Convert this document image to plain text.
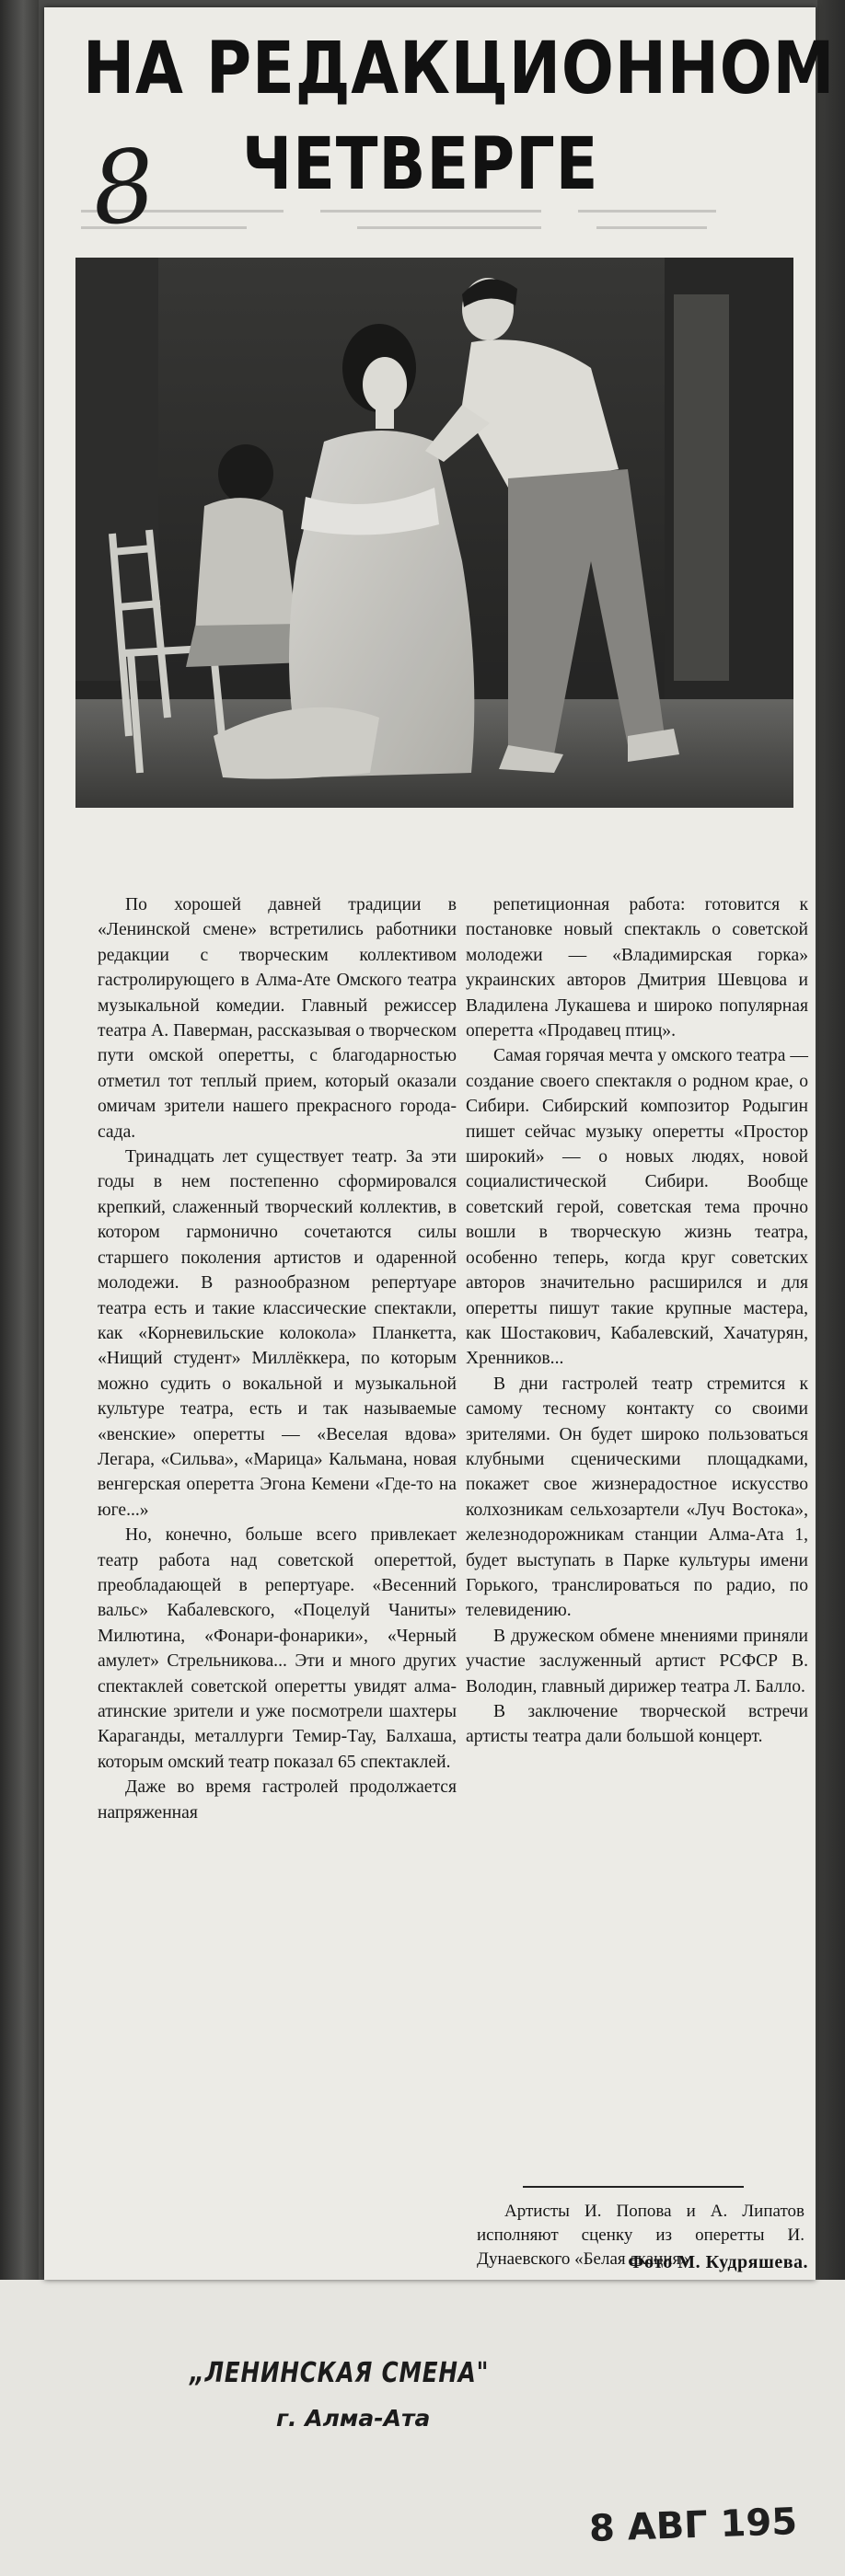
НА РЕДАКЦИОННОМ
ЧЕТВЕРГЕ
8

По хорошей давней традиции в «Ленинской смене» встретились работники редакции с творческим коллективом гастролирующего в Алма-Ате Омского театра музыкальной комедии. Главный режиссер театра А. Паверман, рассказывая о творческом пути омской оперетты, с благодарностью отметил тот теплый прием, который оказали омичам зрители нашего прекрасного города-сада.

Тринадцать лет существует театр. За эти годы в нем постепенно сформировался крепкий, слаженный творческий коллектив, в котором гармонично сочетаются силы старшего поколения артистов и одаренной молодежи. В разнообразном репертуаре театра есть и такие классические спектакли, как «Корневильские колокола» Планкетта, «Нищий студент» Миллёккера, по которым можно судить о вокальной и музыкальной культуре театра, есть и так называемые «венские» оперетты — «Веселая вдова» Легара, «Сильва», «Марица» Кальмана, новая венгерская оперетта Эгона Кемени «Где-то на юге...»

Но, конечно, больше всего привлекает театр работа над советской опереттой, преобладающей в репертуаре. «Весенний вальс» Кабалевского, «Поцелуй Чаниты» Милютина, «Фонари-фонарики», «Черный амулет» Стрельникова... Эти и много других спектаклей советской оперетты увидят алма-атинские зрители и уже посмотрели шахтеры Караганды, металлурги Темир-Тау, Балхаша, которым омский театр показал 65 спектаклей.

Даже во время гастролей продолжается напряженная

репетиционная работа: готовится к постановке новый спектакль о советской молодежи — «Владимирская горка» украинских авторов Дмитрия Шевцова и Владилена Лукашева и широко популярная оперетта «Продавец птиц».

Самая горячая мечта у омского театра — создание своего спектакля о родном крае, о Сибири. Сибирский композитор Родыгин пишет сейчас музыку оперетты «Простор широкий» — о новых людях, новой социалистической Сибири. Вообще советский герой, советская тема прочно вошли в творческую жизнь театра, особенно теперь, когда круг советских авторов значительно расширился и для оперетты пишут такие крупные мастера, как Шостакович, Кабалевский, Хачатурян, Хренников...

В дни гастролей театр стремится к самому тесному контакту со своими зрителями. Он будет широко пользоваться клубными сценическими площадками, покажет свое жизнерадостное искусство колхозникам сельхозартели «Луч Востока», железнодорожникам станции Алма-Ата 1, будет выступать в Парке культуры имени Горького, транслироваться по радио, по телевидению.

В дружеском обмене мнениями приняли участие заслуженный артист РСФСР В. Володин, главный дирижер театра Л. Балло.

В заключение творческой встречи артисты театра дали большой концерт.

Артисты И. Попова и А. Липатов исполняют сценку из оперетты И. Дунаевского «Белая акация».

Фото М. Кудряшева.
„ЛЕНИНСКАЯ СМЕНА"
г. Алма-Ата
8 АВГ 195
